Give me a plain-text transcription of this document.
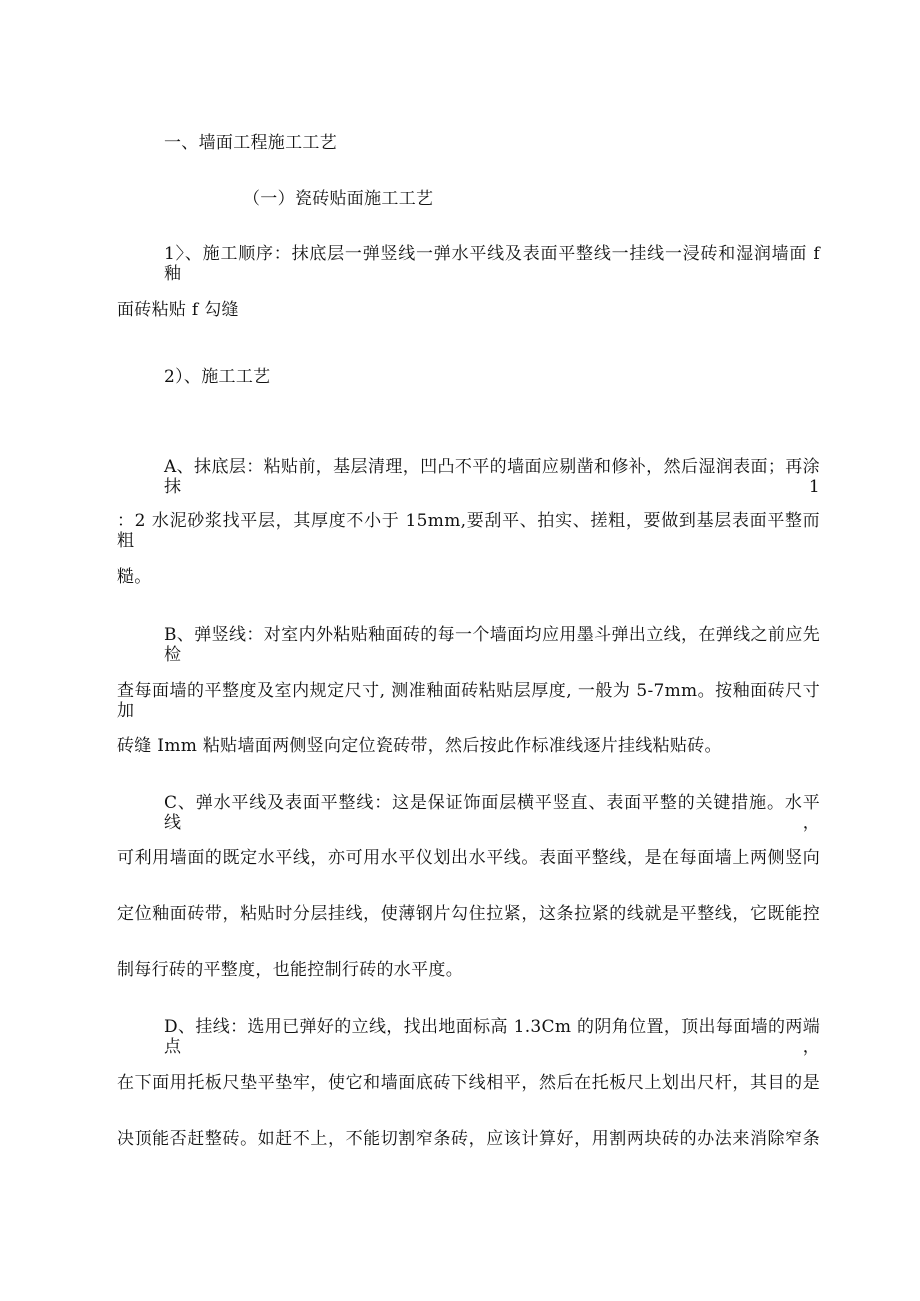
一、墙面工程施工工艺
（一）瓷砖贴面施工工艺
1〉、施工顺序：抹底层一弹竖线一弹水平线及表面平整线一挂线一浸砖和湿润墙面 f 釉
面砖粘贴 f 勾缝
2）、施工工艺
A、抹底层：粘贴前，基层清理，凹凸不平的墙面应剔凿和修补，然后湿润表面；再涂抹 1
：2 水泥砂浆找平层，其厚度不小于 15mm,要刮平、拍实、搓粗，要做到基层表面平整而粗
糙。
B、弹竖线：对室内外粘贴釉面砖的每一个墙面均应用墨斗弹出立线，在弹线之前应先检
查每面墙的平整度及室内规定尺寸, 测准釉面砖粘贴层厚度, 一般为 5-7mm。按釉面砖尺寸加
砖缝 Imm 粘贴墙面两侧竖向定位瓷砖带，然后按此作标准线逐片挂线粘贴砖。
C、弹水平线及表面平整线：这是保证饰面层横平竖直、表面平整的关键措施。水平线，
可利用墙面的既定水平线，亦可用水平仪划出水平线。表面平整线，是在每面墙上两侧竖向
定位釉面砖带，粘贴时分层挂线，使薄钢片勾住拉紧，这条拉紧的线就是平整线，它既能控
制每行砖的平整度，也能控制行砖的水平度。
D、挂线：选用已弹好的立线，找出地面标高 1.3Cm 的阴角位置，顶出每面墙的两端点，
在下面用托板尺垫平垫牢，使它和墙面底砖下线相平，然后在托板尺上划出尺杆，其目的是
决顶能否赶整砖。如赶不上，不能切割窄条砖，应该计算好，用割两块砖的办法来消除窄条
